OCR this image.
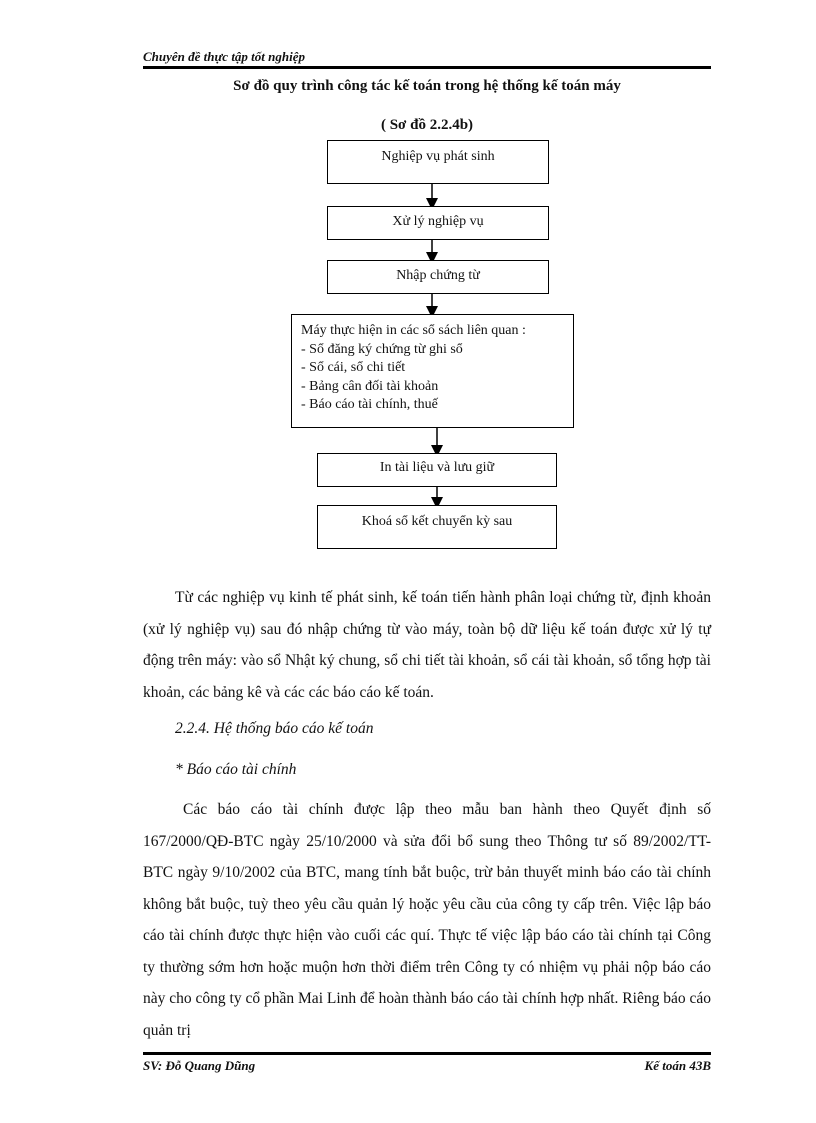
Chuyên đề thực tập tốt nghiệp
Sơ đồ quy trình công tác kế toán trong hệ thống kế toán máy
( Sơ đồ 2.2.4b)
Nghiệp vụ phát sinh
Xử lý nghiệp vụ
Nhập chứng từ
Máy thực hiện in các sổ sách liên quan :
- Sổ đăng ký chứng từ ghi sổ
- Sổ cái, sổ chi tiết
- Bảng cân đối tài khoản
- Báo cáo tài chính, thuế
In tài liệu và lưu giữ
Khoá sổ kết chuyển kỳ sau
Từ các nghiệp vụ kinh tế phát sinh, kế toán tiến hành phân loại chứng từ, định khoản (xử lý nghiệp vụ) sau đó nhập chứng từ vào máy, toàn bộ dữ liệu kế toán được xử lý tự động trên máy: vào sổ Nhật ký chung, sổ chi tiết tài khoản, sổ cái tài khoản, sổ tổng hợp tài khoản, các bảng kê và các các báo cáo kế toán.
2.2.4. Hệ thống báo cáo kế toán
* Báo cáo tài chính
Các báo cáo tài chính được lập theo mẫu ban hành theo Quyết định số 167/2000/QĐ-BTC ngày 25/10/2000 và sửa đổi bổ sung theo Thông tư số 89/2002/TT-BTC ngày 9/10/2002 của BTC, mang tính bắt buộc, trừ bản thuyết minh báo cáo tài chính không bắt buộc, tuỳ theo yêu cầu quản lý hoặc yêu cầu của công ty cấp trên. Việc lập báo cáo tài chính được thực hiện vào cuối các quí. Thực tế việc lập báo cáo tài chính tại Công ty thường sớm hơn hoặc muộn hơn thời điểm trên Công ty có nhiệm vụ phải nộp báo cáo này cho công ty cổ phần Mai Linh để hoàn thành báo cáo tài chính hợp nhất. Riêng báo cáo quản trị
SV: Đỗ Quang Dũng	Kế toán 43B
